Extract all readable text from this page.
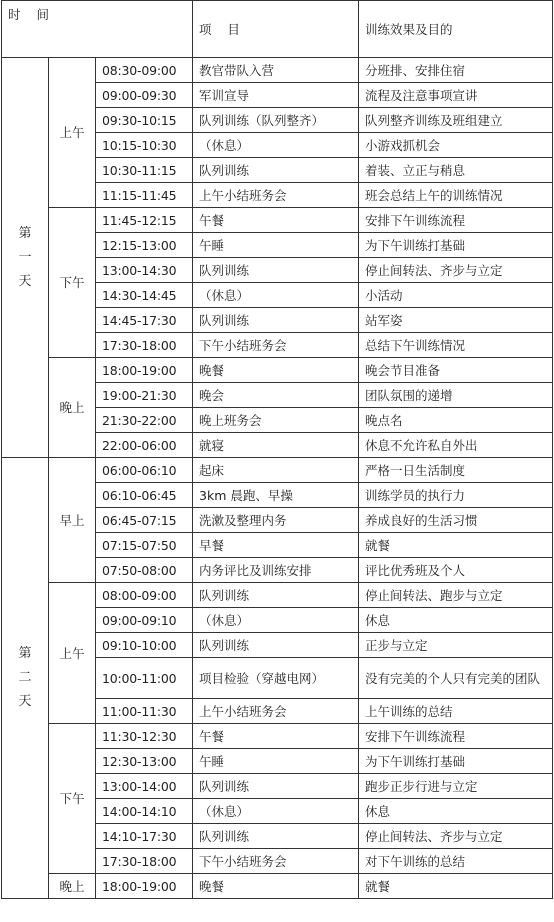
时 间			项    目	训练效果及目的

第
一
天	上午	08:30-09:00	教官带队入营	分班排、安排住宿
		09:00-09:30	军训宣导	流程及注意事项宣讲
		09:30-10:15	队列训练（队列整齐）	队列整齐训练及班组建立
		10:15-10:30	（休息）	小游戏抓机会
		10:30-11:15	队列训练	着装、立正与稍息
		11:15-11:45	上午小结班务会	班会总结上午的训练情况
	下午	11:45-12:15	午餐	安排下午训练流程
		12:15-13:00	午睡	为下午训练打基础
		13:00-14:30	队列训练	停止间转法、齐步与立定
		14:30-14:45	（休息）	小活动
		14:45-17:30	队列训练	站军姿
		17:30-18:00	下午小结班务会	总结下午训练情况
	晚上	18:00-19:00	晚餐	晚会节目准备
		19:00-21:30	晚会	团队氛围的递增
		21:30-22:00	晚上班务会	晚点名
		22:00-06:00	就寝	休息不允许私自外出

第
二
天	早上	06:00-06:10	起床	严格一日生活制度
		06:10-06:45	3km 晨跑、早操	训练学员的执行力
		06:45-07:15	洗漱及整理内务	养成良好的生活习惯
		07:15-07:50	早餐	就餐
		07:50-08:00	内务评比及训练安排	评比优秀班及个人
	上午	08:00-09:00	队列训练	停止间转法、跑步与立定
		09:00-09:10	（休息）	休息
		09:10-10:00	队列训练	正步与立定
		10:00-11:00	项目检验（穿越电网）	没有完美的个人只有完美的团队
		11:00-11:30	上午小结班务会	上午训练的总结
	下午	11:30-12:30	午餐	安排下午训练流程
		12:30-13:00	午睡	为下午训练打基础
		13:00-14:00	队列训练	跑步正步行进与立定
		14:00-14:10	（休息）	休息
		14:10-17:30	队列训练	停止间转法、齐步与立定
		17:30-18:00	下午小结班务会	对下午训练的总结
	晚上	18:00-19:00	晚餐	就餐
